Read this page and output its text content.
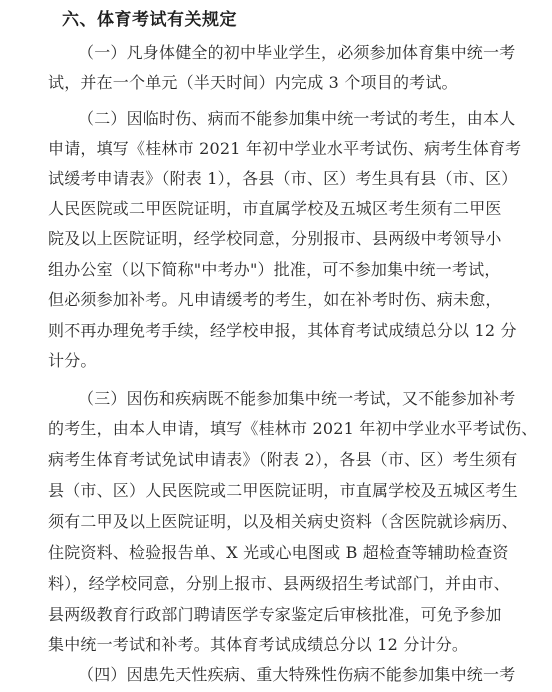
六、体育考试有关规定
（一）凡身体健全的初中毕业学生，必须参加体育集中统一考
试，并在一个单元（半天时间）内完成 3 个项目的考试。
（二）因临时伤、病而不能参加集中统一考试的考生，由本人
申请，填写《桂林市 2021 年初中学业水平考试伤、病考生体育考
试缓考申请表》（附表 1），各县（市、区）考生具有县（市、区）
人民医院或二甲医院证明，市直属学校及五城区考生须有二甲医
院及以上医院证明，经学校同意，分别报市、县两级中考领导小
组办公室（以下简称"中考办"）批准，可不参加集中统一考试，
但必须参加补考。凡申请缓考的考生，如在补考时伤、病未愈，
则不再办理免考手续，经学校申报，其体育考试成绩总分以 12 分
计分。
（三）因伤和疾病既不能参加集中统一考试，又不能参加补考
的考生，由本人申请，填写《桂林市 2021 年初中学业水平考试伤、
病考生体育考试免试申请表》（附表 2），各县（市、区）考生须有
县（市、区）人民医院或二甲医院证明，市直属学校及五城区考生
须有二甲及以上医院证明，以及相关病史资料（含医院就诊病历、
住院资料、检验报告单、X 光或心电图或 B 超检查等辅助检查资
料），经学校同意，分别上报市、县两级招生考试部门，并由市、
县两级教育行政部门聘请医学专家鉴定后审核批准，可免予参加
集中统一考试和补考。其体育考试成绩总分以 12 分计分。
（四）因患先天性疾病、重大特殊性伤病不能参加集中统一考
